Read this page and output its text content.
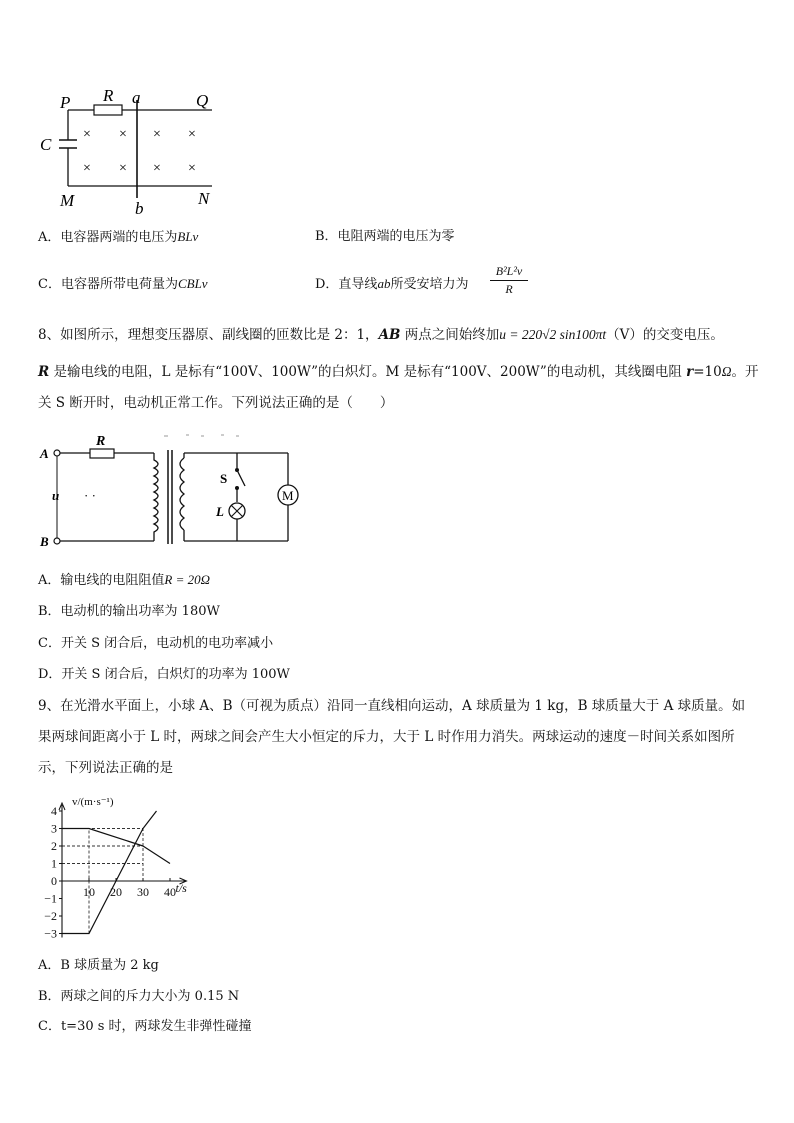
P R a	Q
C
M	b
N
× × × ×
× × × ×
A．电容器两端的电压为BLv	B．电阻两端的电压为零
C．电容器所带电荷量为CBLv	D．直导线ab所受安培力为
B²L²v
R
8、如图所示，理想变压器原、副线圈的匝数比是 2：1，AB 两点之间始终加u = 220√2 sin100πt（V）的交变电压。
R 是输电线的电阻，L 是标有“100V、100W”的白炽灯。M 是标有“100V、200W”的电动机，其线圈电阻 r=10Ω。开
关 S 断开时，电动机正常工作。下列说法正确的是（　　）
M
A
B
u · ·
R
S
L
A．输电线的电阻阻值R = 20Ω
B．电动机的输出功率为 180W
C．开关 S 闭合后，电动机的电功率减小
D．开关 S 闭合后，白炽灯的功率为 100W
9、在光滑水平面上，小球 A、B（可视为质点）沿同一直线相向运动，A 球质量为 1 kg，B 球质量大于 A 球质量。如
果两球间距离小于 L 时，两球之间会产生大小恒定的斥力，大于 L 时作用力消失。两球运动的速度－时间关系如图所
示，下列说法正确的是
4
3
2
1
0
−1
−2
−3
10 20 30 40
v/(m·s⁻¹)
t/s
A．B 球质量为 2 kg
B．两球之间的斥力大小为 0.15 N
C．t=30 s 时，两球发生非弹性碰撞
